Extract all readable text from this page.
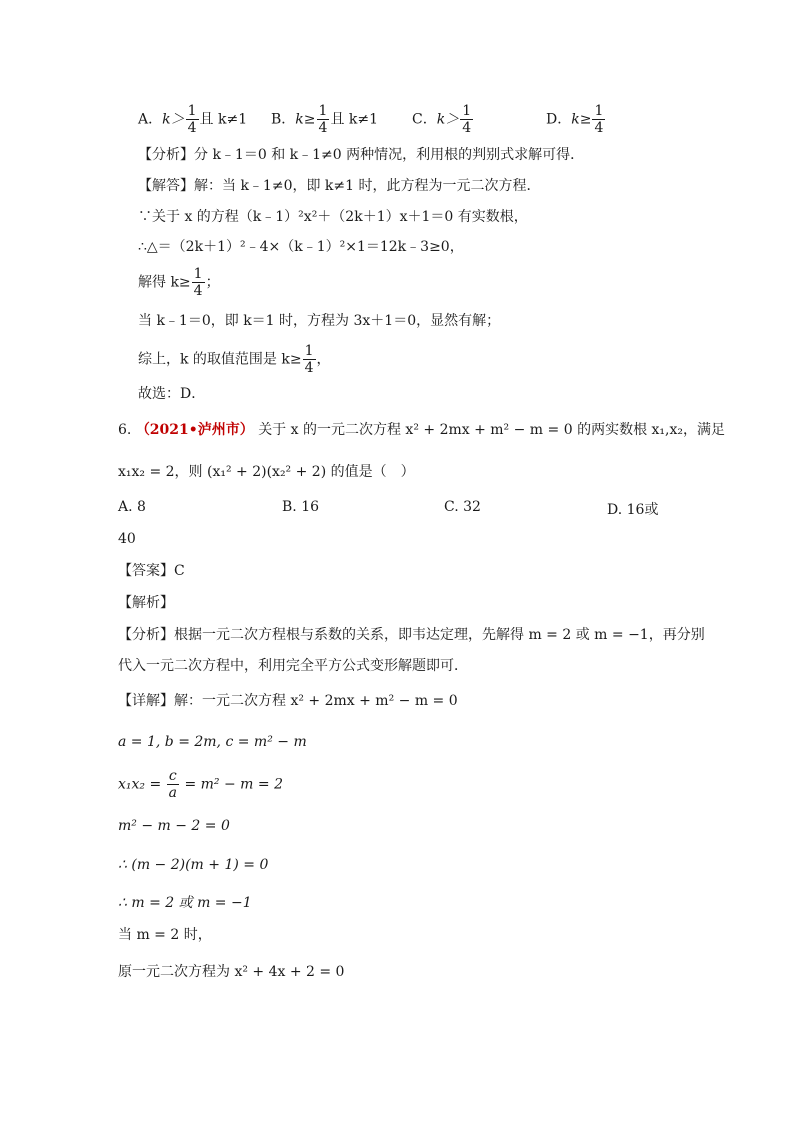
A．$k> \frac{1}{4}$ 且 k≠1 B．$k\ge \frac{1}{4}$ 且 k≠1 C．$k> \frac{1}{4}$	D．$k\ge \frac{1}{4}$
【分析】分 k﹣1＝0 和 k﹣1≠0 两种情况，利用根的判别式求解可得．
【解答】解：当 k﹣1≠0，即 k≠1 时，此方程为一元二次方程．
∵关于 x 的方程（k﹣1）²x²＋（2k＋1）x＋1＝0 有实数根，
∴△＝（2k＋1）²﹣4×（k﹣1）²×1＝12k﹣3≥0，
解得 $k\ge \frac{1}{4}$ ；
当 k﹣1＝0，即 k＝1 时，方程为 3x＋1＝0，显然有解；
综上，k 的取值范围是 $k\ge \frac{1}{4}$ ，
故选：D．
6. （2021•泸州市） 关于 x 的一元二次方程 x² + 2mx + m² − m = 0 的两实数根 x₁,x₂，满足
x₁x₂ = 2，则 (x₁² + 2)(x₂² + 2) 的值是（　）
A. 8	B. 16	C. 32	D. 16或
40
【答案】C
【解析】
【分析】根据一元二次方程根与系数的关系，即韦达定理，先解得 m = 2 或 m = −1，再分别
代入一元二次方程中，利用完全平方公式变形解题即可．
【详解】解：一元二次方程 x² + 2mx + m² − m = 0
a = 1, b = 2m, c = m² − m
$x_1x_2 = \frac{c}{a} = m^2 - m = 2$
m² − m − 2 = 0
∴ (m − 2)(m + 1) = 0
∴ m = 2 或 m = −1
当 m = 2 时，
原一元二次方程为 x² + 4x + 2 = 0
